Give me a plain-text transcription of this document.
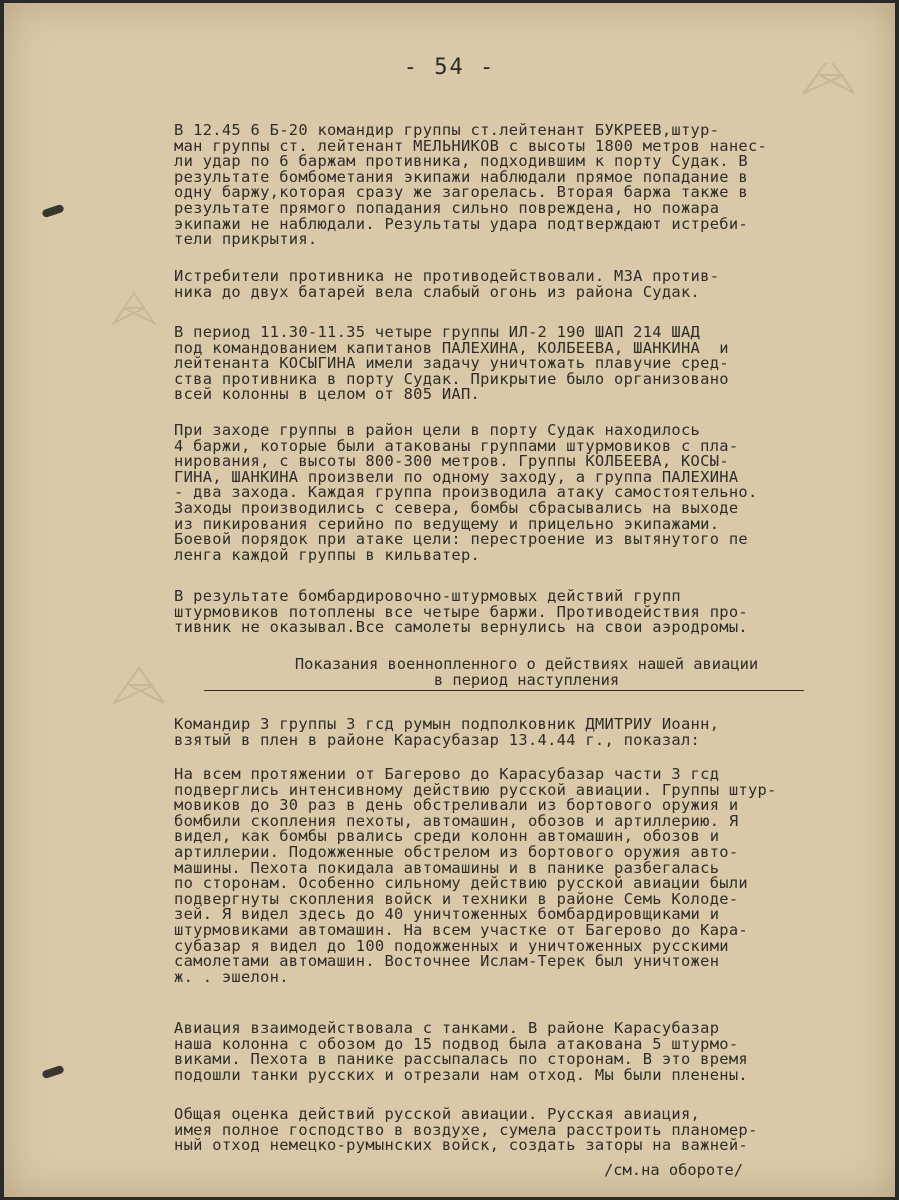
- 54 -

В 12.45 6 Б-20 командир группы ст.лейтенант БУКРЕЕВ,штур-
ман группы ст. лейтенант МЕЛЬНИКОВ с высоты 1800 метров нанес-
ли удар по 6 баржам противника, подходившим к порту Судак. В
результате бомбометания экипажи наблюдали прямое попадание в
одну баржу,которая сразу же загорелась. Вторая баржа также в
результате прямого попадания сильно повреждена, но пожара
экипажи не наблюдали. Результаты удара подтверждают истреби-
тели прикрытия.

Истребители противника не противодействовали. МЗА против-
ника до двух батарей вела слабый огонь из района Судак.

В период 11.30-11.35 четыре группы ИЛ-2 190 ШАП 214 ШАД
под командованием капитанов ПАЛЕХИНА, КОЛБЕЕВА, ШАНКИНА  и
лейтенанта КОСЫГИНА имели задачу уничтожать плавучие сред-
ства противника в порту Судак. Прикрытие было организовано
всей колонны в целом от 805 ИАП.

При заходе группы в район цели в порту Судак находилось
4 баржи, которые были атакованы группами штурмовиков с пла-
нирования, с высоты 800-300 метров. Группы КОЛБЕЕВА, КОСЫ-
ГИНА, ШАНКИНА произвели по одному заходу, а группа ПАЛЕХИНА
- два захода. Каждая группа производила атаку самостоятельно.
Заходы производились с севера, бомбы сбрасывались на выходе
из пикирования серийно по ведущему и прицельно экипажами.
Боевой порядок при атаке цели: перестроение из вытянутого пе
ленга каждой группы в кильватер.

В результате бомбардировочно-штурмовых действий групп
штурмовиков потоплены все четыре баржи. Противодействия про-
тивник не оказывал.Все самолеты вернулись на свои аэродромы.

Показания военнопленного о действиях нашей авиации
в период наступления

Командир 3 группы 3 гсд румын подполковник ДМИТРИУ Иоанн,
взятый в плен в районе Карасубазар 13.4.44 г., показал:

На всем протяжении от Багерово до Карасубазар части 3 гсд
подверглись интенсивному действию русской авиации. Группы штур-
мовиков до 30 раз в день обстреливали из бортового оружия и
бомбили скопления пехоты, автомашин, обозов и артиллерию. Я
видел, как бомбы рвались среди колонн автомашин, обозов и
артиллерии. Подожженные обстрелом из бортового оружия авто-
машины. Пехота покидала автомашины и в панике разбегалась
по сторонам. Особенно сильному действию русской авиации были
подвергнуты скопления войск и техники в районе Семь Колоде-
зей. Я видел здесь до 40 уничтоженных бомбардировщиками и
штурмовиками автомашин. На всем участке от Багерово до Кара-
субазар я видел до 100 подожженных и уничтоженных русскими
самолетами автомашин. Восточнее Ислам-Терек был уничтожен
ж. . эшелон.

Авиация взаимодействовала с танками. В районе Карасубазар
наша колонна с обозом до 15 подвод была атакована 5 штурмо-
виками. Пехота в панике рассыпалась по сторонам. В это время
подошли танки русских и отрезали нам отход. Мы были пленены.

Общая оценка действий русской авиации. Русская авиация,
имея полное господство в воздухе, сумела расстроить планомер-
ный отход немецко-румынских войск, создать заторы на важней-

/см.на обороте/
